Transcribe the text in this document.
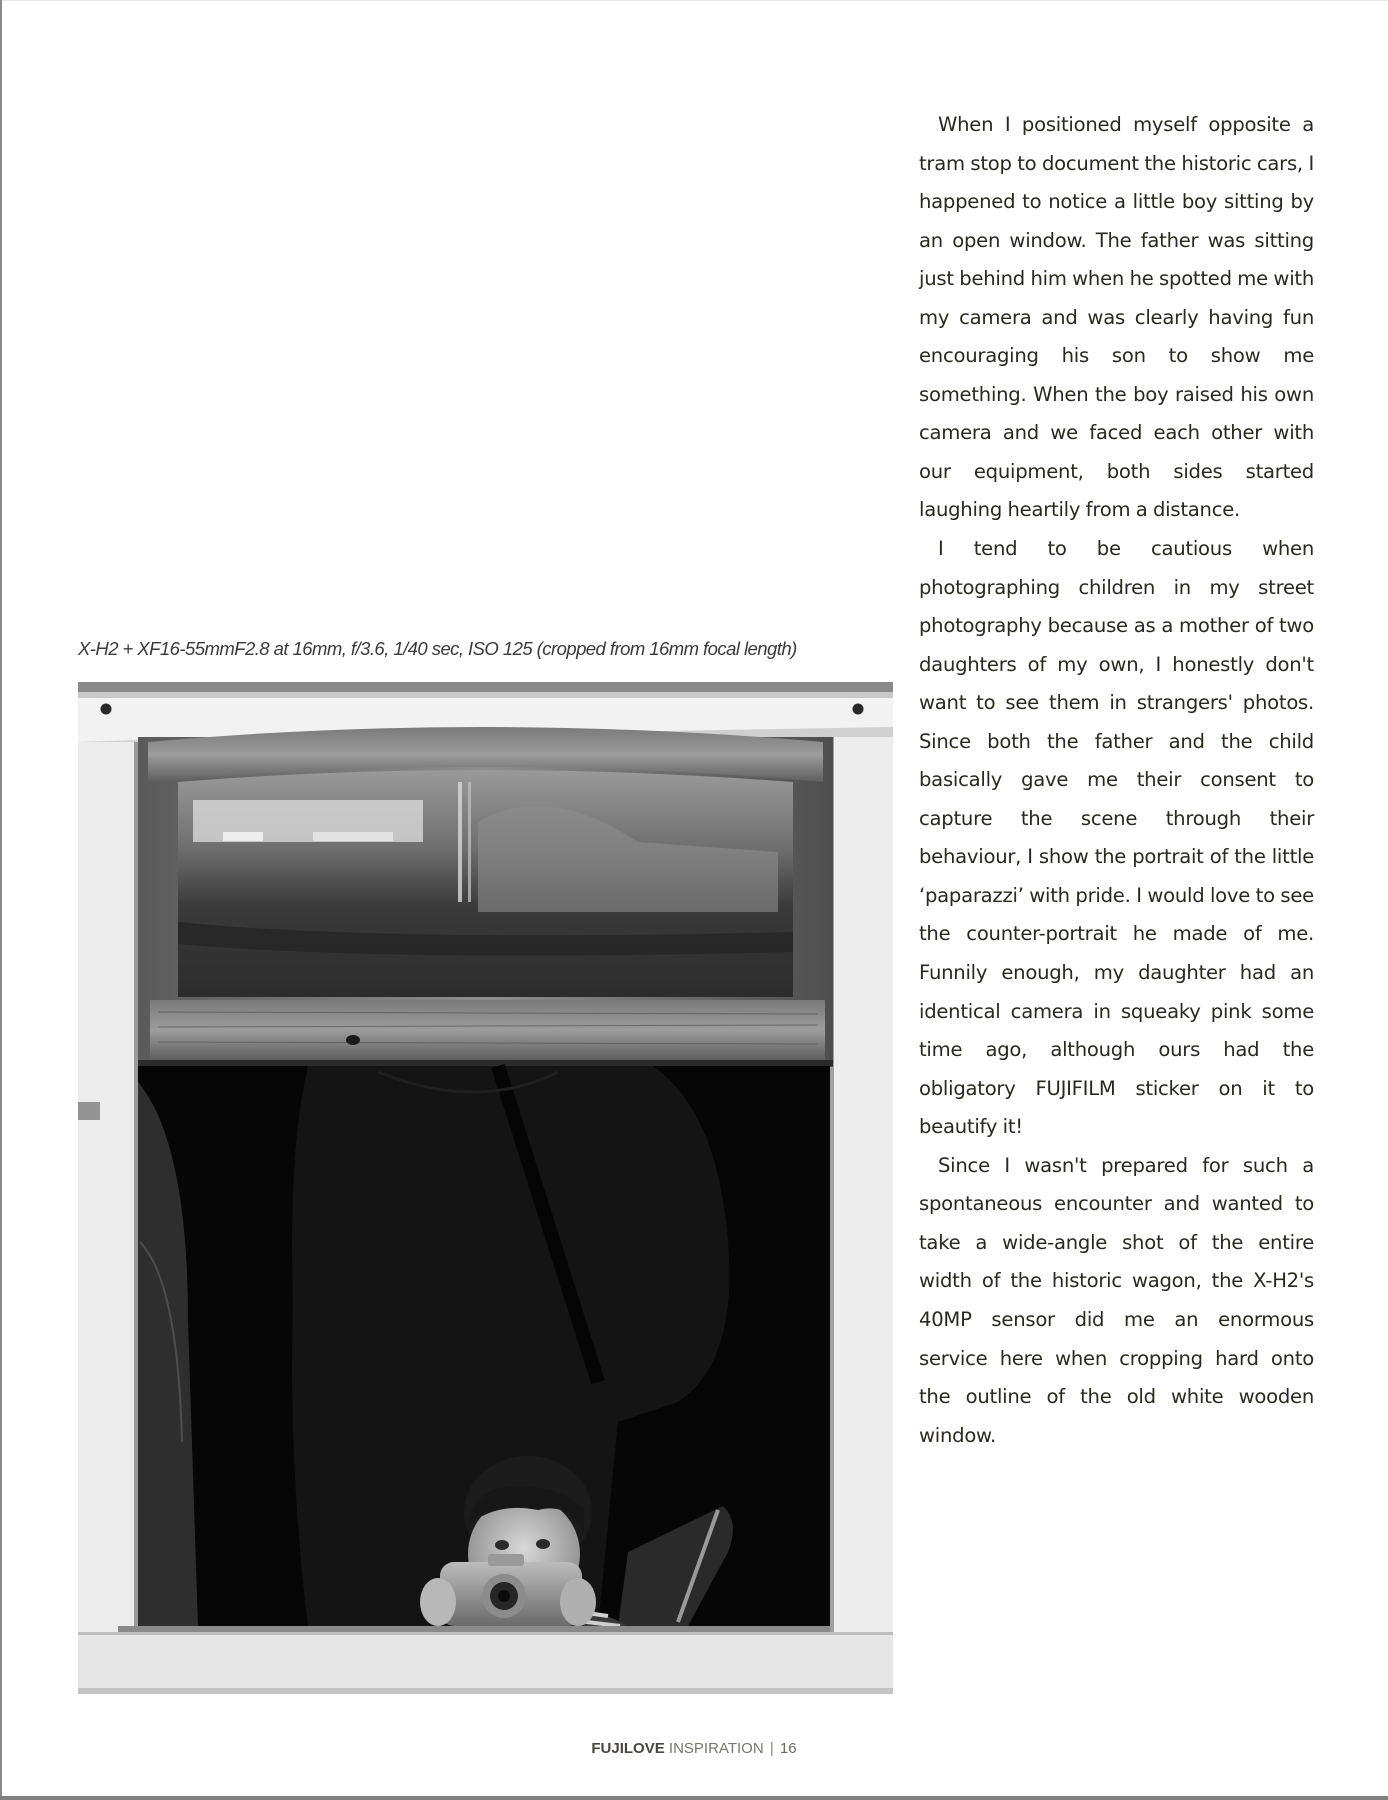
X-H2 + XF16-55mmF2.8 at 16mm, f/3.6, 1/40 sec, ISO 125 (cropped from 16mm focal length)

When I positioned myself opposite a tram stop to document the historic cars, I happened to notice a little boy sitting by an open window. The father was sitting just behind him when he spotted me with my camera and was clearly having fun encouraging his son to show me something. When the boy raised his own camera and we faced each other with our equipment, both sides started laughing heartily from a distance.

I tend to be cautious when photographing children in my street photography because as a mother of two daughters of my own, I honestly don't want to see them in strangers' photos. Since both the father and the child basically gave me their consent to capture the scene through their behaviour, I show the portrait of the little ‘paparazzi’ with pride. I would love to see the counter-portrait he made of me. Funnily enough, my daughter had an identical camera in squeaky pink some time ago, although ours had the obligatory FUJIFILM sticker on it to beautify it!

Since I wasn't prepared for such a spontaneous encounter and wanted to take a wide-angle shot of the entire width of the historic wagon, the X-H2's 40MP sensor did me an enormous service here when cropping hard onto the outline of the old white wooden window.

FUJILOVE INSPIRATION | 16
